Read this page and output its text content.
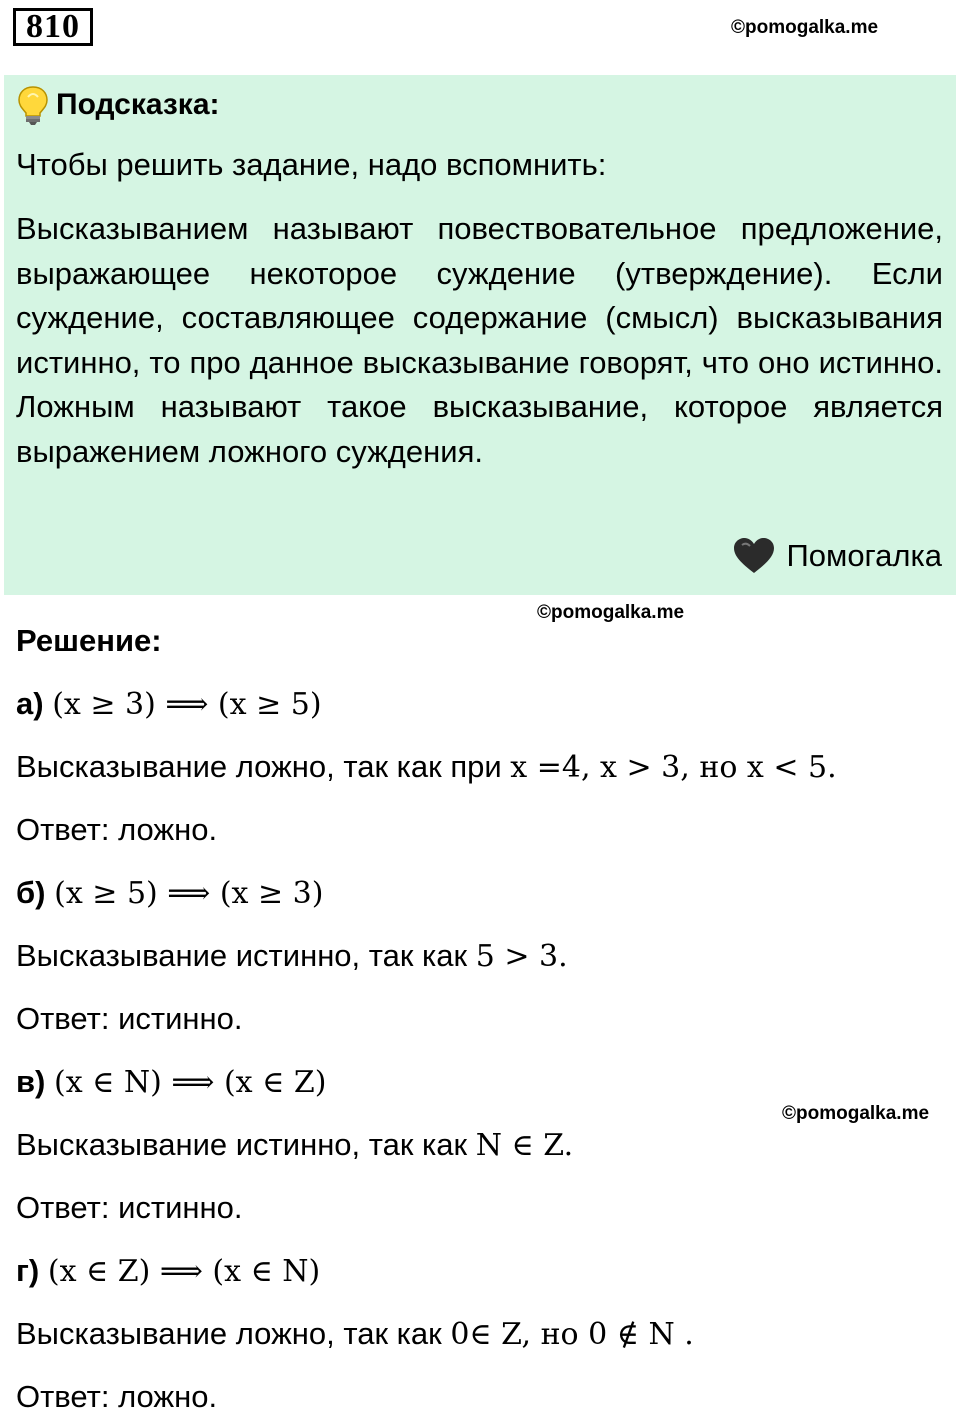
810	©pomogalka.me
Подсказка:
Чтобы решить задание, надо вспомнить:
Высказыванием называют повествовательное предложение, выражающее некоторое суждение (утверждение). Если суждение, составляющее содержание (смысл) высказывания истинно, то про данное высказывание говорят, что оно истинно. Ложным называют такое высказывание, которое является выражением ложного суждения.
Помогалка
©pomogalka.me
Решение:
а) (x ≥ 3) ⟹ (x ≥ 5)
Высказывание ложно, так как при x =4, x > 3, но x < 5.
Ответ: ложно.
б) (x ≥ 5) ⟹ (x ≥ 3)
Высказывание истинно, так как 5 > 3.
Ответ: истинно.
в) (x ∈ N) ⟹ (x ∈ Z)
©pomogalka.me
Высказывание истинно, так как N ∈ Z.
Ответ: истинно.
г) (x ∈ Z) ⟹ (x ∈ N)
Высказывание ложно, так как 0∈ Z, но 0 ∉ N .
Ответ: ложно.
